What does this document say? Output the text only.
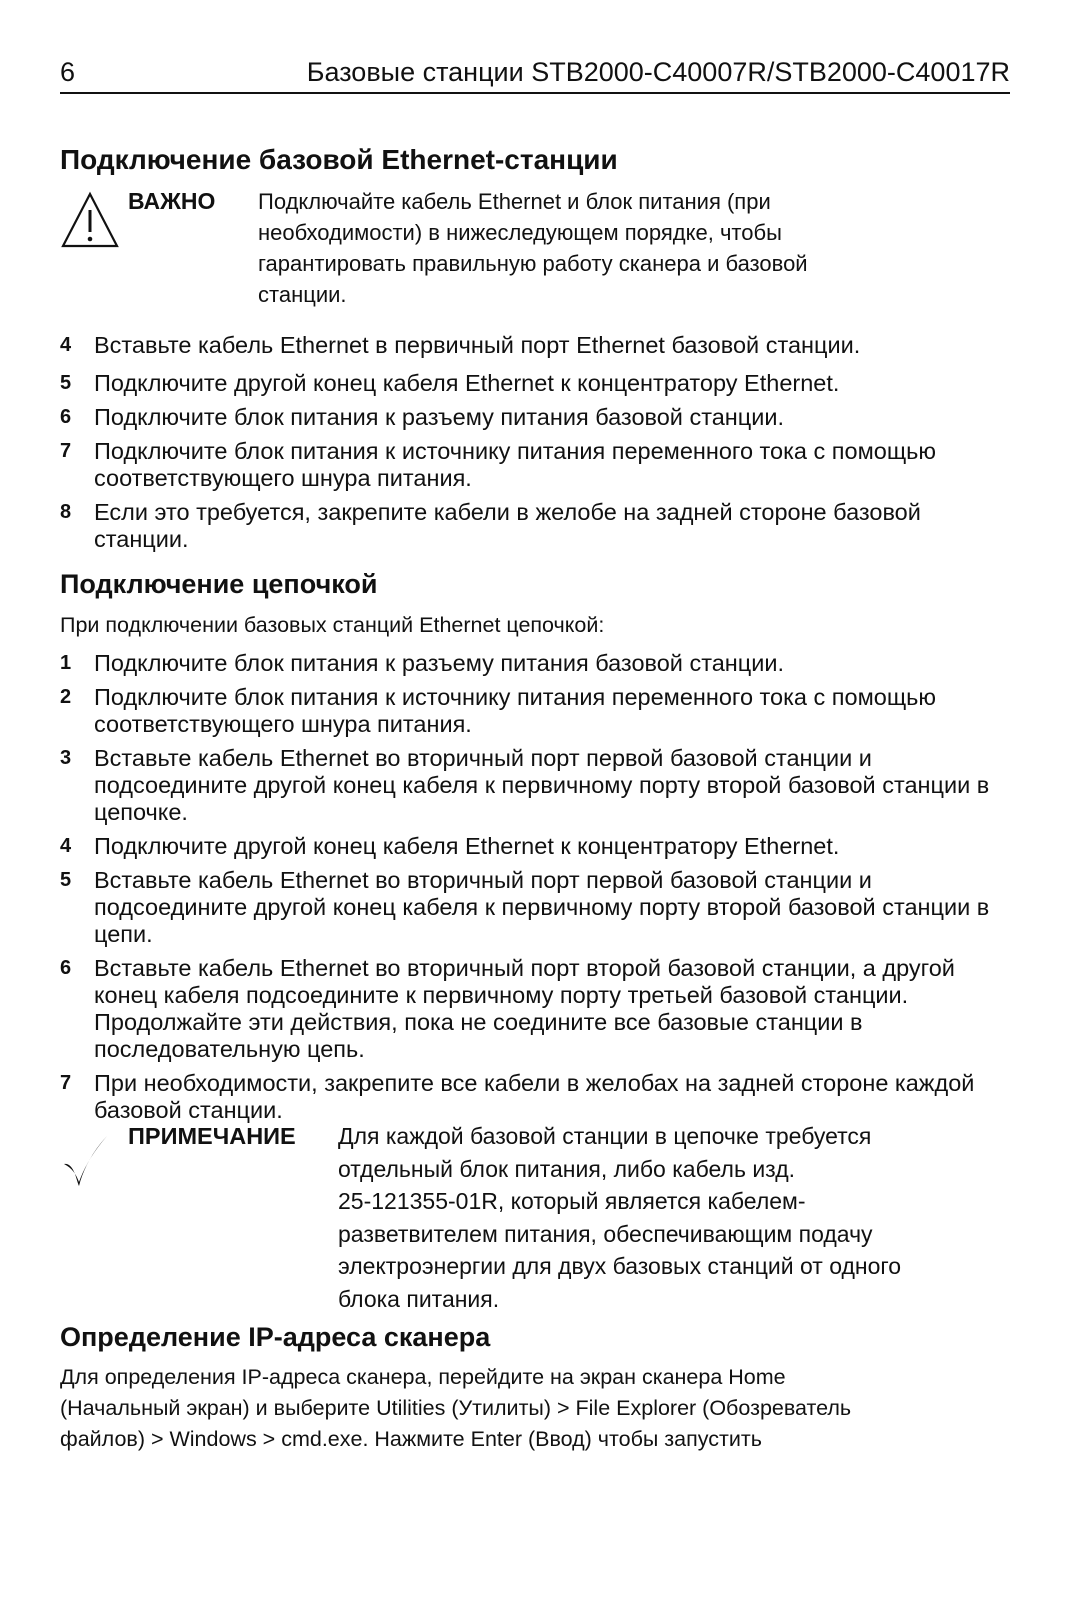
6	Базовые станции STB2000-C40007R/STB2000-C40017R
Подключение базовой Ethernet-станции
ВАЖНО Подключайте кабель Ethernet и блок питания (при
необходимости) в нижеследующем порядке, чтобы
гарантировать правильную работу сканера и базовой
станции.
4 Вставьте кабель Ethernet в первичный порт Ethernet базовой станции.
5 Подключите другой конец кабеля Ethernet к концентратору Ethernet.
6 Подключите блок питания к разъему питания базовой станции.
7 Подключите блок питания к источнику питания переменного тока с помощью соответствующего шнура питания.
8 Если это требуется, закрепите кабели в желобе на задней стороне базовой станции.
Подключение цепочкой

При подключении базовых станций Ethernet цепочкой:

1 Подключите блок питания к разъему питания базовой станции.
2 Подключите блок питания к источнику питания переменного тока с помощью соответствующего шнура питания.
3 Вставьте кабель Ethernet во вторичный порт первой базовой станции и подсоедините другой конец кабеля к первичному порту второй базовой станции в цепочке.
4 Подключите другой конец кабеля Ethernet к концентратору Ethernet.
5 Вставьте кабель Ethernet во вторичный порт первой базовой станции и подсоедините другой конец кабеля к первичному порту второй базовой станции в цепи.
6 Вставьте кабель Ethernet во вторичный порт второй базовой станции, а другой конец кабеля подсоедините к первичному порту третьей базовой станции. Продолжайте эти действия, пока не соедините все базовые станции в последовательную цепь.
7 При необходимости, закрепите все кабели в желобах на задней стороне каждой базовой станции.
ПРИМЕЧАНИЕ Для каждой базовой станции в цепочке требуется
отдельный блок питания, либо кабель изд.
25-121355-01R, который является кабелем-
разветвителем питания, обеспечивающим подачу
электроэнергии для двух базовых станций от одного
блока питания.
Определение IP-адреса сканера
Для определения IP-адреса сканера, перейдите на экран сканера Home
(Начальный экран) и выберите Utilities (Утилиты) > File Explorer (Обозреватель
файлов) > Windows > cmd.exe. Нажмите Enter (Ввод) чтобы запустить
